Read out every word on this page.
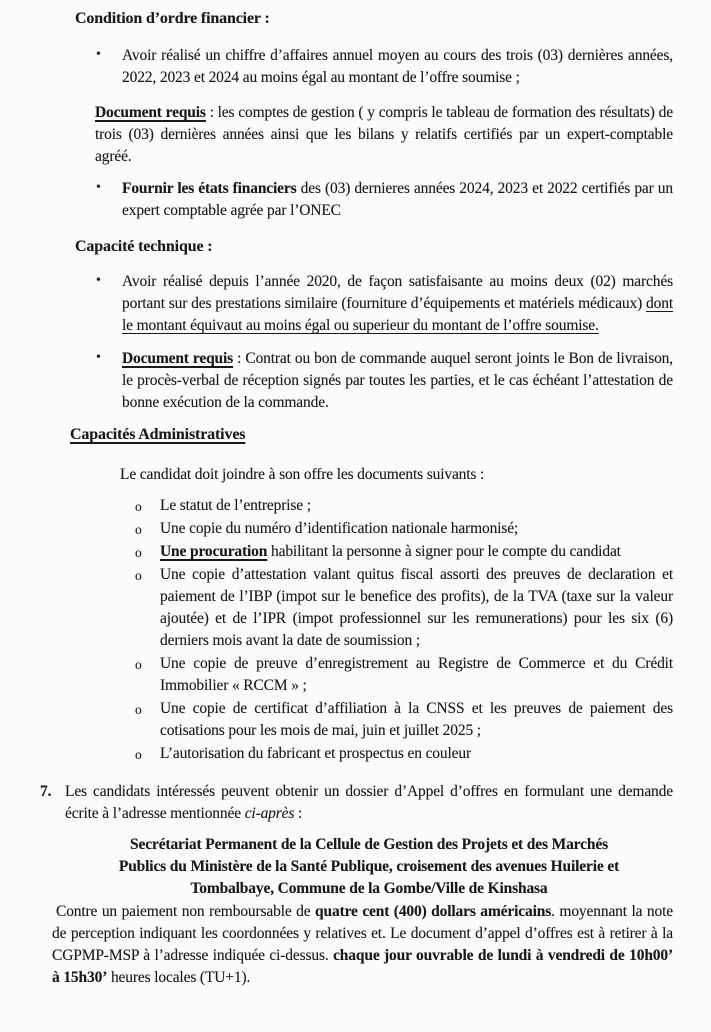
Condition d’ordre financier :
• Avoir réalisé un chiffre d’affaires annuel moyen au cours des trois (03) dernières années, 2022, 2023 et 2024 au moins égal au montant de l’offre soumise ;

Document requis : les comptes de gestion ( y compris le tableau de formation des résultats) de trois (03) dernières années ainsi que les bilans y relatifs certifiés par un expert-comptable agréé.

• Fournir les états financiers des (03) dernieres années 2024, 2023 et 2022 certifiés par un expert comptable agrée par l’ONEC
Capacité technique :
• Avoir réalisé depuis l’année 2020, de façon satisfaisante au moins deux (02) marchés portant sur des prestations similaire (fourniture d’équipements et matériels médicaux) dont le montant équivaut au moins égal ou superieur du montant de l’offre soumise.
• Document requis : Contrat ou bon de commande auquel seront joints le Bon de livraison, le procès-verbal de réception signés par toutes les parties, et le cas échéant l’attestation de bonne exécution de la commande.
Capacités Administratives

Le candidat doit joindre à son offre les documents suivants :

o Le statut de l’entreprise ;
o Une copie du numéro d’identification nationale harmonisé;
o Une procuration habilitant la personne à signer pour le compte du candidat
o Une copie d’attestation valant quitus fiscal assorti des preuves de declaration et paiement de l’IBP (impot sur le benefice des profits), de la TVA (taxe sur la valeur ajoutée) et de l’IPR (impot professionnel sur les remunerations) pour les six (6) derniers mois avant la date de soumission ;
o Une copie de preuve d’enregistrement au Registre de Commerce et du Crédit Immobilier « RCCM » ;
o Une copie de certificat d’affiliation à la CNSS et les preuves de paiement des cotisations pour les mois de mai, juin et juillet 2025 ;
o L’autorisation du fabricant et prospectus en couleur
7. Les candidats intéressés peuvent obtenir un dossier d’Appel d’offres en formulant une demande écrite à l’adresse mentionnée ci-après :
Secrétariat Permanent de la Cellule de Gestion des Projets et des Marchés
Publics du Ministère de la Santé Publique, croisement des avenues Huilerie et
Tombalbaye, Commune de la Gombe/Ville de Kinshasa

Contre un paiement non remboursable de quatre cent (400) dollars américains. moyennant la note de perception indiquant les coordonnées y relatives et. Le document d’appel d’offres est à retirer à la CGPMP-MSP à l’adresse indiquée ci-dessus. chaque jour ouvrable de lundi à vendredi de 10h00’ à 15h30’ heures locales (TU+1).
